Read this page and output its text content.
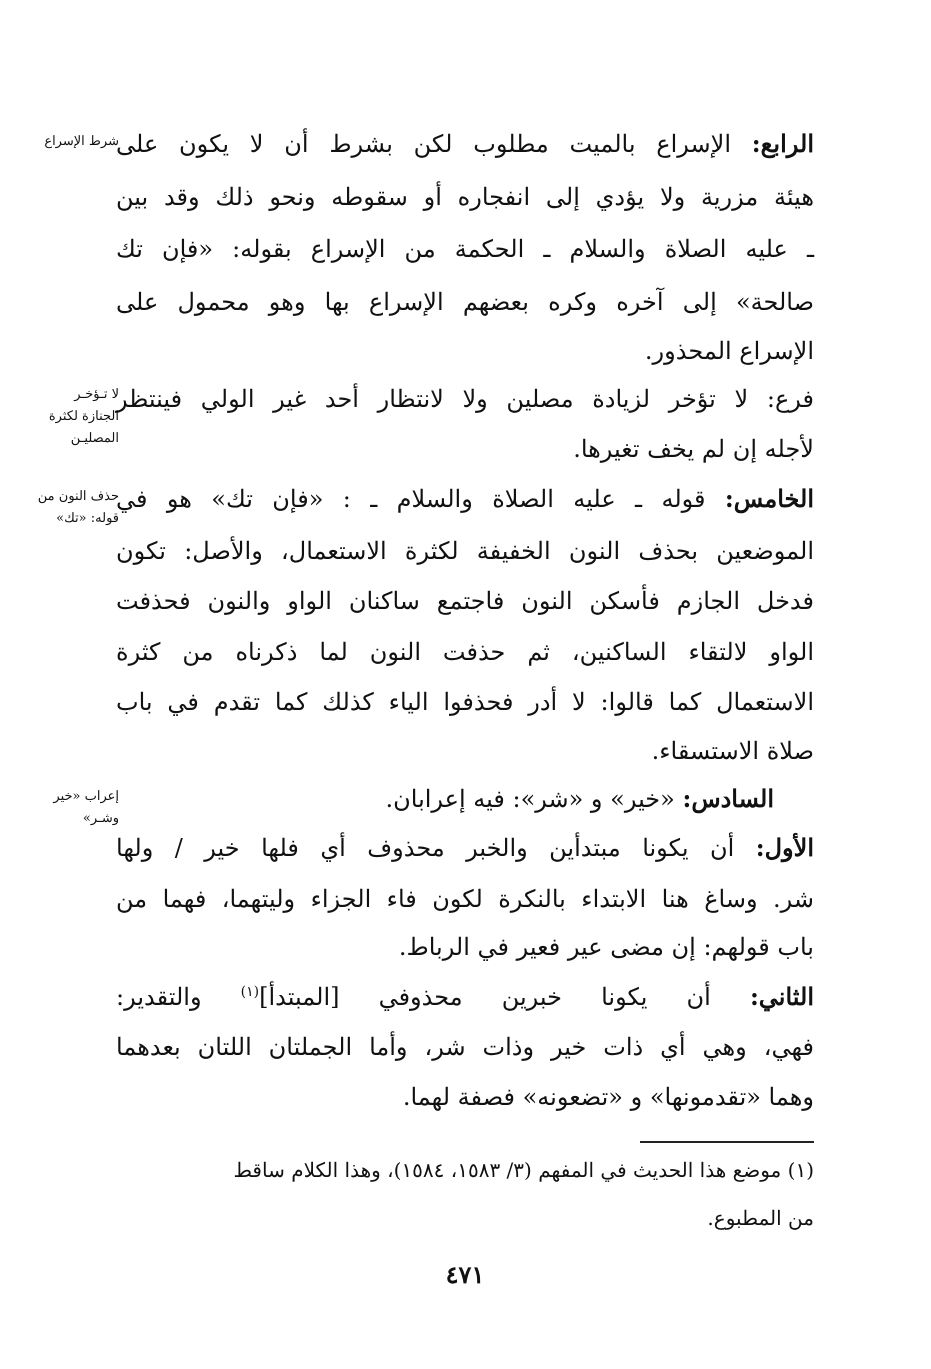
شرط الإسراع
لا تـؤخـر
الجنازة لكثرة
المصليـن
حذف النون من
قوله: «تك»
إعراب «خير
وشـر»
الرابع: الإسراع بالميت مطلوب لكن بشرط أن لا يكون على
هيئة مزرية ولا يؤدي إلى انفجاره أو سقوطه ونحو ذلك وقد بين
ـ عليه الصلاة والسلام ـ الحكمة من الإسراع بقوله: «فإن تك
صالحة» إلى آخره وكره بعضهم الإسراع بها وهو محمول على
الإسراع المحذور.
فرع: لا تؤخر لزيادة مصلين ولا لانتظار أحد غير الولي فينتظر
لأجله إن لم يخف تغيرها.
الخامس: قوله ـ عليه الصلاة والسلام ـ : «فإن تك» هو في
الموضعين بحذف النون الخفيفة لكثرة الاستعمال، والأصل: تكون
فدخل الجازم فأسكن النون فاجتمع ساكنان الواو والنون فحذفت
الواو لالتقاء الساكنين، ثم حذفت النون لما ذكرناه من كثرة
الاستعمال كما قالوا: لا أدر فحذفوا الياء كذلك كما تقدم في باب
صلاة الاستسقاء.
السادس: «خير» و «شر»: فيه إعرابان.
الأول: أن يكونا مبتدأين والخبر محذوف أي فلها خير / ولها
شر. وساغ هنا الابتداء بالنكرة لكون فاء الجزاء وليتهما، فهما من
باب قولهم: إن مضى عير فعير في الرباط.
الثاني: أن يكونا خبرين محذوفي [المبتدأ]$^{(١)}$ والتقدير:
فهي، وهي أي ذات خير وذات شر، وأما الجملتان اللتان بعدهما
وهما «تقدمونها» و «تضعونه» فصفة لهما.
(١) موضع هذا الحديث في المفهم (٣/ ١٥٨٣، ١٥٨٤)، وهذا الكلام ساقط
من المطبوع.
٤٧١
